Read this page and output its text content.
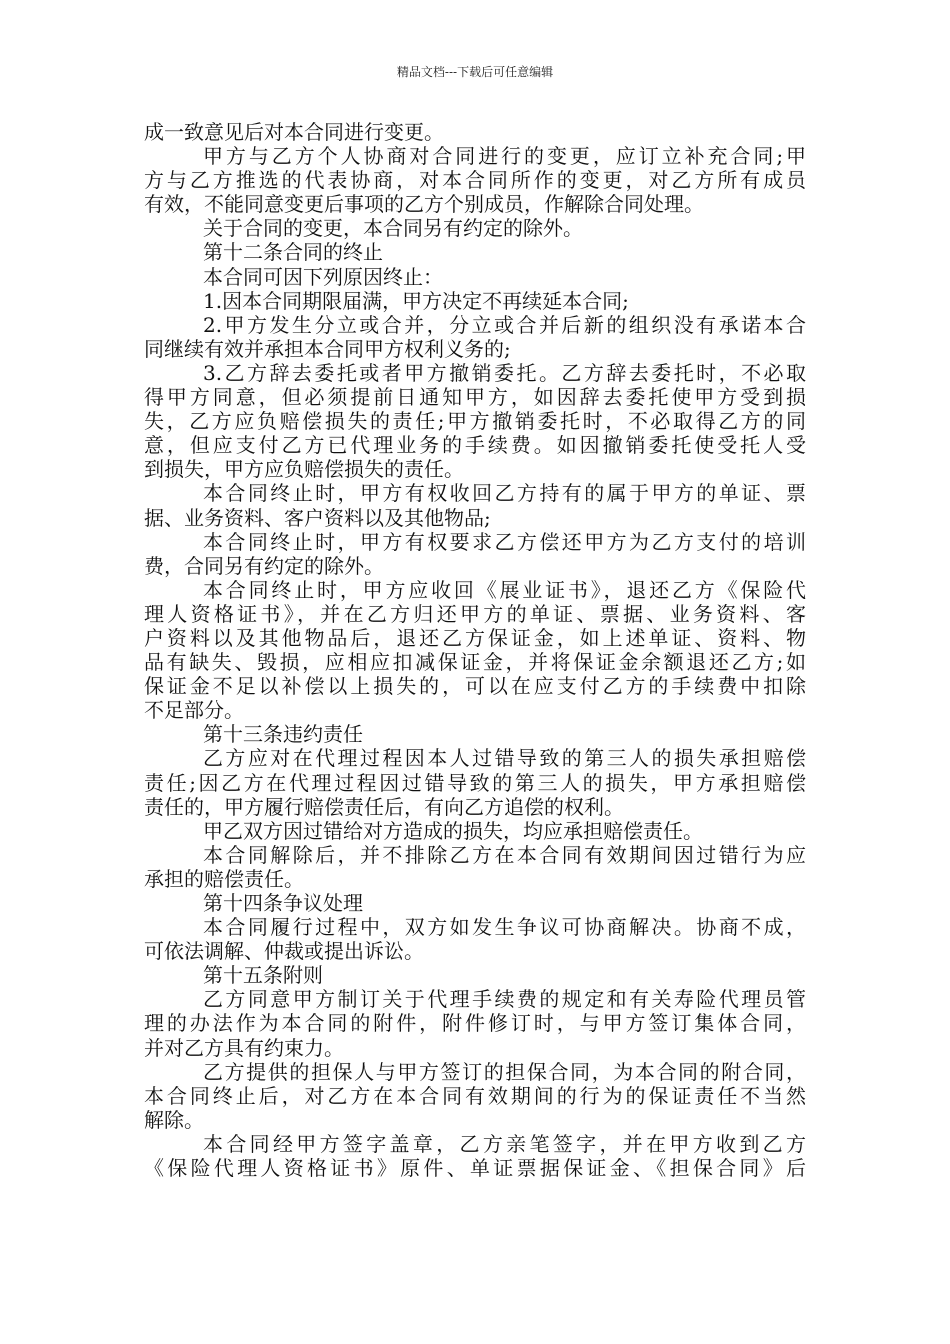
精品文档---下载后可任意编辑
成一致意见后对本合同进行变更。
甲方与乙方个人协商对合同进行的变更，应订立补充合同;甲
方与乙方推选的代表协商，对本合同所作的变更，对乙方所有成员
有效，不能同意变更后事项的乙方个别成员，作解除合同处理。
关于合同的变更，本合同另有约定的除外。
第十二条合同的终止
本合同可因下列原因终止：
1.因本合同期限届满，甲方决定不再续延本合同;
2.甲方发生分立或合并，分立或合并后新的组织没有承诺本合
同继续有效并承担本合同甲方权利义务的;
3.乙方辞去委托或者甲方撤销委托。乙方辞去委托时，不必取
得甲方同意，但必须提前日通知甲方，如因辞去委托使甲方受到损
失，乙方应负赔偿损失的责任;甲方撤销委托时，不必取得乙方的同
意，但应支付乙方已代理业务的手续费。如因撤销委托使受托人受
到损失，甲方应负赔偿损失的责任。
本合同终止时，甲方有权收回乙方持有的属于甲方的单证、票
据、业务资料、客户资料以及其他物品;
本合同终止时，甲方有权要求乙方偿还甲方为乙方支付的培训
费，合同另有约定的除外。
本合同终止时，甲方应收回《展业证书》，退还乙方《保险代
理人资格证书》，并在乙方归还甲方的单证、票据、业务资料、客
户资料以及其他物品后，退还乙方保证金，如上述单证、资料、物
品有缺失、毁损，应相应扣减保证金，并将保证金余额退还乙方;如
保证金不足以补偿以上损失的，可以在应支付乙方的手续费中扣除
不足部分。
第十三条违约责任
乙方应对在代理过程因本人过错导致的第三人的损失承担赔偿
责任;因乙方在代理过程因过错导致的第三人的损失，甲方承担赔偿
责任的，甲方履行赔偿责任后，有向乙方追偿的权利。
甲乙双方因过错给对方造成的损失，均应承担赔偿责任。
本合同解除后，并不排除乙方在本合同有效期间因过错行为应
承担的赔偿责任。
第十四条争议处理
本合同履行过程中，双方如发生争议可协商解决。协商不成，
可依法调解、仲裁或提出诉讼。
第十五条附则
乙方同意甲方制订关于代理手续费的规定和有关寿险代理员管
理的办法作为本合同的附件，附件修订时，与甲方签订集体合同，
并对乙方具有约束力。
乙方提供的担保人与甲方签订的担保合同，为本合同的附合同，
本合同终止后，对乙方在本合同有效期间的行为的保证责任不当然
解除。
本合同经甲方签字盖章，乙方亲笔签字，并在甲方收到乙方
《保险代理人资格证书》原件、单证票据保证金、《担保合同》后
